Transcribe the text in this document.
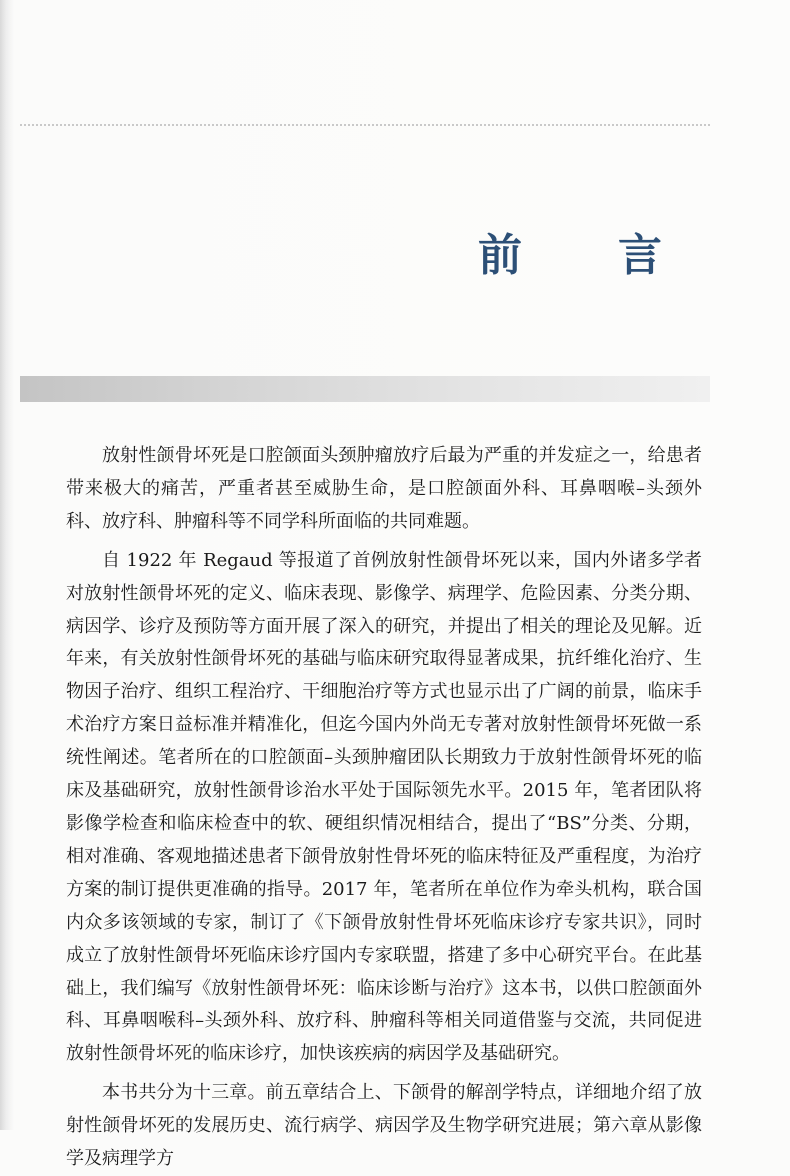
前　言

放射性颌骨坏死是口腔颌面头颈肿瘤放疗后最为严重的并发症之一，给患者带来极大的痛苦，严重者甚至威胁生命，是口腔颌面外科、耳鼻咽喉–头颈外科、放疗科、肿瘤科等不同学科所面临的共同难题。

自 1922 年 Regaud 等报道了首例放射性颌骨坏死以来，国内外诸多学者对放射性颌骨坏死的定义、临床表现、影像学、病理学、危险因素、分类分期、病因学、诊疗及预防等方面开展了深入的研究，并提出了相关的理论及见解。近年来，有关放射性颌骨坏死的基础与临床研究取得显著成果，抗纤维化治疗、生物因子治疗、组织工程治疗、干细胞治疗等方式也显示出了广阔的前景，临床手术治疗方案日益标准并精准化，但迄今国内外尚无专著对放射性颌骨坏死做一系统性阐述。笔者所在的口腔颌面–头颈肿瘤团队长期致力于放射性颌骨坏死的临床及基础研究，放射性颌骨诊治水平处于国际领先水平。2015 年，笔者团队将影像学检查和临床检查中的软、硬组织情况相结合，提出了“BS”分类、分期，相对准确、客观地描述患者下颌骨放射性骨坏死的临床特征及严重程度，为治疗方案的制订提供更准确的指导。2017 年，笔者所在单位作为牵头机构，联合国内众多该领域的专家，制订了《下颌骨放射性骨坏死临床诊疗专家共识》，同时成立了放射性颌骨坏死临床诊疗国内专家联盟，搭建了多中心研究平台。在此基础上，我们编写《放射性颌骨坏死：临床诊断与治疗》这本书，以供口腔颌面外科、耳鼻咽喉科–头颈外科、放疗科、肿瘤科等相关同道借鉴与交流，共同促进放射性颌骨坏死的临床诊疗，加快该疾病的病因学及基础研究。

本书共分为十三章。前五章结合上、下颌骨的解剖学特点，详细地介绍了放射性颌骨坏死的发展历史、流行病学、病因学及生物学研究进展；第六章从影像学及病理学方
